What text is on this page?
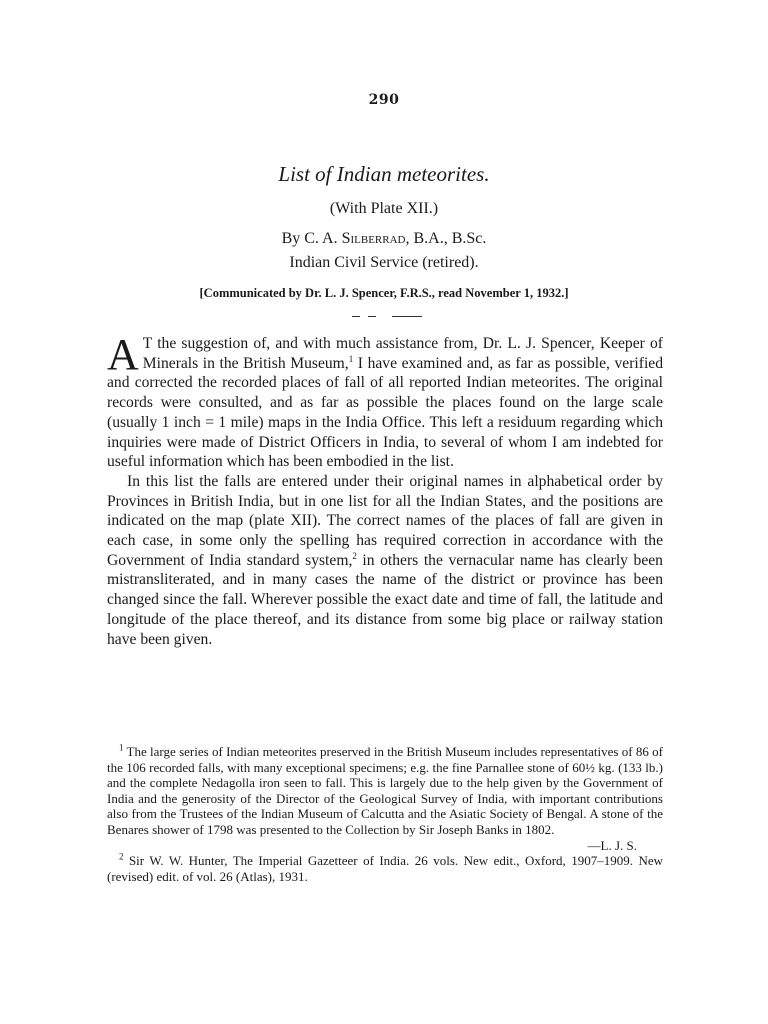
290
List of Indian meteorites.
(With Plate XII.)
By C. A. Silberrad, B.A., B.Sc.
Indian Civil Service (retired).
[Communicated by Dr. L. J. Spencer, F.R.S., read November 1, 1932.]

A T the suggestion of, and with much assistance from, Dr. L. J. Spencer, Keeper of Minerals in the British Museum,$^1$ I have examined and, as far as possible, verified and corrected the recorded places of fall of all reported Indian meteorites. The original records were consulted, and as far as possible the places found on the large scale (usually 1 inch = 1 mile) maps in the India Office. This left a residuum regarding which inquiries were made of District Officers in India, to several of whom I am indebted for useful information which has been embodied in the list.

In this list the falls are entered under their original names in alphabetical order by Provinces in British India, but in one list for all the Indian States, and the positions are indicated on the map (plate XII). The correct names of the places of fall are given in each case, in some only the spelling has required correction in accordance with the Government of India standard system,$^2$ in others the vernacular name has clearly been mistransliterated, and in many cases the name of the district or province has been changed since the fall. Wherever possible the exact date and time of fall, the latitude and longitude of the place thereof, and its distance from some big place or railway station have been given.

$^1$ The large series of Indian meteorites preserved in the British Museum includes representatives of 86 of the 106 recorded falls, with many exceptional specimens; e.g. the fine Parnallee stone of 60½ kg. (133 lb.) and the complete Nedagolla iron seen to fall. This is largely due to the help given by the Government of India and the generosity of the Director of the Geological Survey of India, with important contributions also from the Trustees of the Indian Museum of Calcutta and the Asiatic Society of Bengal. A stone of the Benares shower of 1798 was presented to the Collection by Sir Joseph Banks in 1802.

—L. J. S.

$^2$ Sir W. W. Hunter, The Imperial Gazetteer of India. 26 vols. New edit., Oxford, 1907–1909. New (revised) edit. of vol. 26 (Atlas), 1931.
